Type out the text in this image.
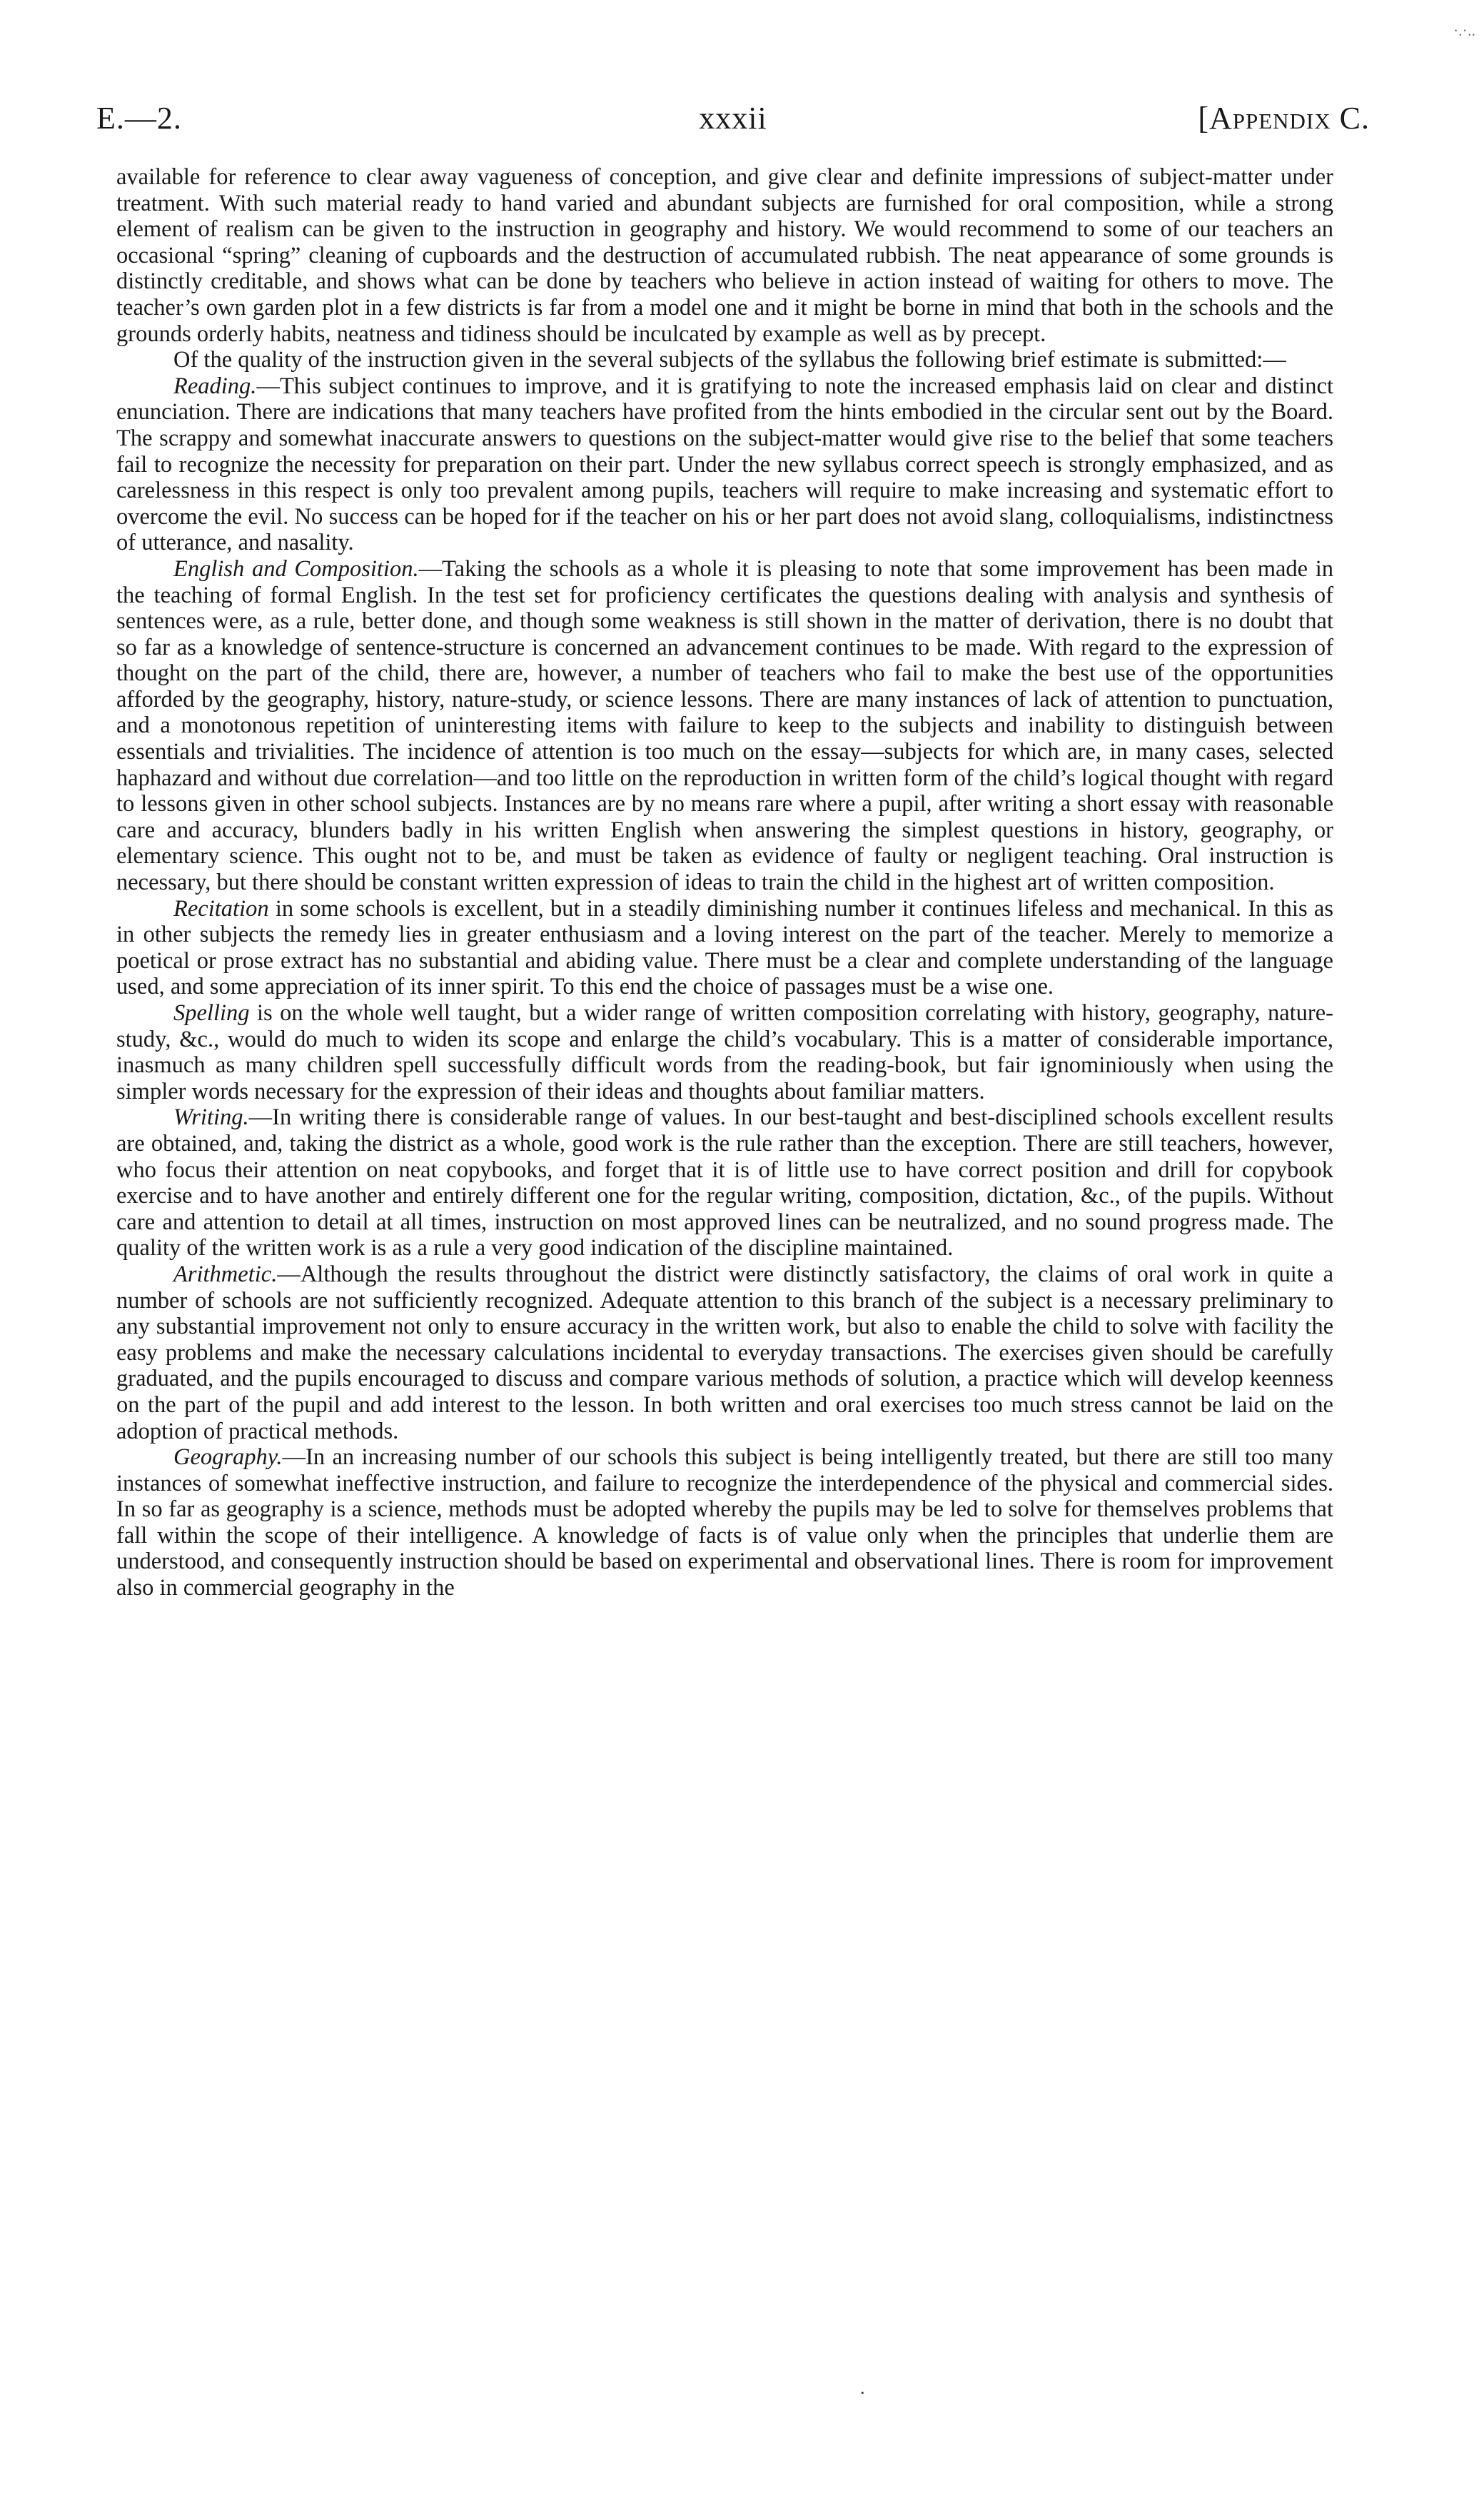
·.·..
E.—2.	xxxii	[Appendix C.

available for reference to clear away vagueness of conception, and give clear and definite impressions of subject-matter under treatment. With such material ready to hand varied and abundant subjects are furnished for oral composition, while a strong element of realism can be given to the instruction in geography and history. We would recommend to some of our teachers an occasional “spring” cleaning of cupboards and the destruction of accumulated rubbish. The neat appearance of some grounds is distinctly creditable, and shows what can be done by teachers who believe in action instead of waiting for others to move. The teacher’s own garden plot in a few districts is far from a model one and it might be borne in mind that both in the schools and the grounds orderly habits, neatness and tidiness should be inculcated by example as well as by precept.

Of the quality of the instruction given in the several subjects of the syllabus the following brief estimate is submitted:—

Reading.—This subject continues to improve, and it is gratifying to note the increased emphasis laid on clear and distinct enunciation. There are indications that many teachers have profited from the hints embodied in the circular sent out by the Board. The scrappy and somewhat inaccurate answers to questions on the subject-matter would give rise to the belief that some teachers fail to recognize the necessity for preparation on their part. Under the new syllabus correct speech is strongly emphasized, and as carelessness in this respect is only too prevalent among pupils, teachers will require to make increasing and systematic effort to overcome the evil. No success can be hoped for if the teacher on his or her part does not avoid slang, colloquialisms, indistinctness of utterance, and nasality.

English and Composition.—Taking the schools as a whole it is pleasing to note that some improvement has been made in the teaching of formal English. In the test set for proficiency certificates the questions dealing with analysis and synthesis of sentences were, as a rule, better done, and though some weakness is still shown in the matter of derivation, there is no doubt that so far as a knowledge of sentence-structure is concerned an advancement continues to be made. With regard to the expression of thought on the part of the child, there are, however, a number of teachers who fail to make the best use of the opportunities afforded by the geography, history, nature-study, or science lessons. There are many instances of lack of attention to punctuation, and a monotonous repetition of uninteresting items with failure to keep to the subjects and inability to distinguish between essentials and trivialities. The incidence of attention is too much on the essay—subjects for which are, in many cases, selected haphazard and without due correlation—and too little on the reproduction in written form of the child’s logical thought with regard to lessons given in other school subjects. Instances are by no means rare where a pupil, after writing a short essay with reasonable care and accuracy, blunders badly in his written English when answering the simplest questions in history, geography, or elementary science. This ought not to be, and must be taken as evidence of faulty or negligent teaching. Oral instruction is necessary, but there should be constant written expression of ideas to train the child in the highest art of written composition.

Recitation in some schools is excellent, but in a steadily diminishing number it continues lifeless and mechanical. In this as in other subjects the remedy lies in greater enthusiasm and a loving interest on the part of the teacher. Merely to memorize a poetical or prose extract has no substantial and abiding value. There must be a clear and complete understanding of the language used, and some appreciation of its inner spirit. To this end the choice of passages must be a wise one.

Spelling is on the whole well taught, but a wider range of written composition correlating with history, geography, nature-study, &c., would do much to widen its scope and enlarge the child’s vocabulary. This is a matter of considerable importance, inasmuch as many children spell successfully difficult words from the reading-book, but fair ignominiously when using the simpler words necessary for the expression of their ideas and thoughts about familiar matters.

Writing.—In writing there is considerable range of values. In our best-taught and best-disciplined schools excellent results are obtained, and, taking the district as a whole, good work is the rule rather than the exception. There are still teachers, however, who focus their attention on neat copybooks, and forget that it is of little use to have correct position and drill for copybook exercise and to have another and entirely different one for the regular writing, composition, dictation, &c., of the pupils. Without care and attention to detail at all times, instruction on most approved lines can be neutralized, and no sound progress made. The quality of the written work is as a rule a very good indication of the discipline maintained.

Arithmetic.—Although the results throughout the district were distinctly satisfactory, the claims of oral work in quite a number of schools are not sufficiently recognized. Adequate attention to this branch of the subject is a necessary preliminary to any substantial improvement not only to ensure accuracy in the written work, but also to enable the child to solve with facility the easy problems and make the necessary calculations incidental to everyday transactions. The exercises given should be carefully graduated, and the pupils encouraged to discuss and compare various methods of solution, a practice which will develop keenness on the part of the pupil and add interest to the lesson. In both written and oral exercises too much stress cannot be laid on the adoption of practical methods.

Geography.—In an increasing number of our schools this subject is being intelligently treated, but there are still too many instances of somewhat ineffective instruction, and failure to recognize the interdependence of the physical and commercial sides. In so far as geography is a science, methods must be adopted whereby the pupils may be led to solve for themselves problems that fall within the scope of their intelligence. A knowledge of facts is of value only when the principles that underlie them are understood, and consequently instruction should be based on experimental and observational lines. There is room for improvement also in commercial geography in the

.
